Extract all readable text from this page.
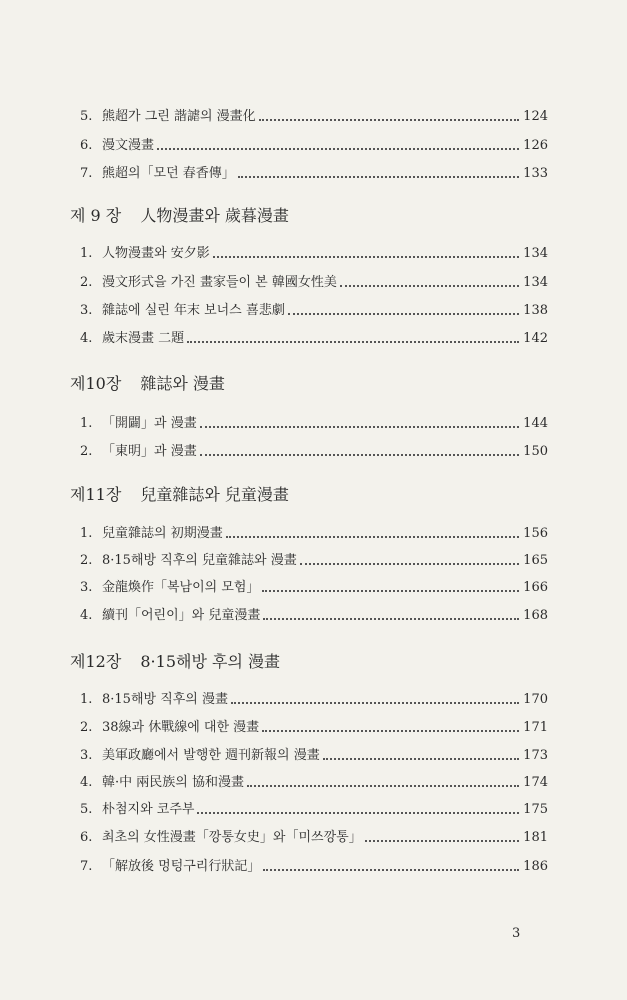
5. 熊超가 그린 諧謔의 漫畫化	124
6. 漫文漫畫	126
7. 熊超의「모던 春香傳」	133
제 9 장 人物漫畫와 歲暮漫畫
1. 人物漫畫와 安夕影	134
2. 漫文形式을 가진 畫家들이 본 韓國女性美	134
3. 雜誌에 실린 年末 보너스 喜悲劇	138
4. 歲末漫畫 二題	142
제10장 雜誌와 漫畫
1. 「開闢」과 漫畫	144
2. 「東明」과 漫畫	150
제11장 兒童雜誌와 兒童漫畫
1. 兒童雜誌의 初期漫畫	156
2. 8·15해방 직후의 兒童雜誌와 漫畫	165
3. 金龍煥作「복남이의 모험」	166
4. 續刊「어린이」와 兒童漫畫	168
제12장 8·15해방 후의 漫畫
1. 8·15해방 직후의 漫畫	170
2. 38線과 休戰線에 대한 漫畫	171
3. 美軍政廳에서 발행한 週刊新報의 漫畫	173
4. 韓·中 兩民族의 協和漫畫	174
5. 朴첨지와 코주부	175
6. 최초의 女性漫畫「깡통女史」와「미쓰깡통」	181
7. 「解放後 멍텅구리行狀記」	186
3
